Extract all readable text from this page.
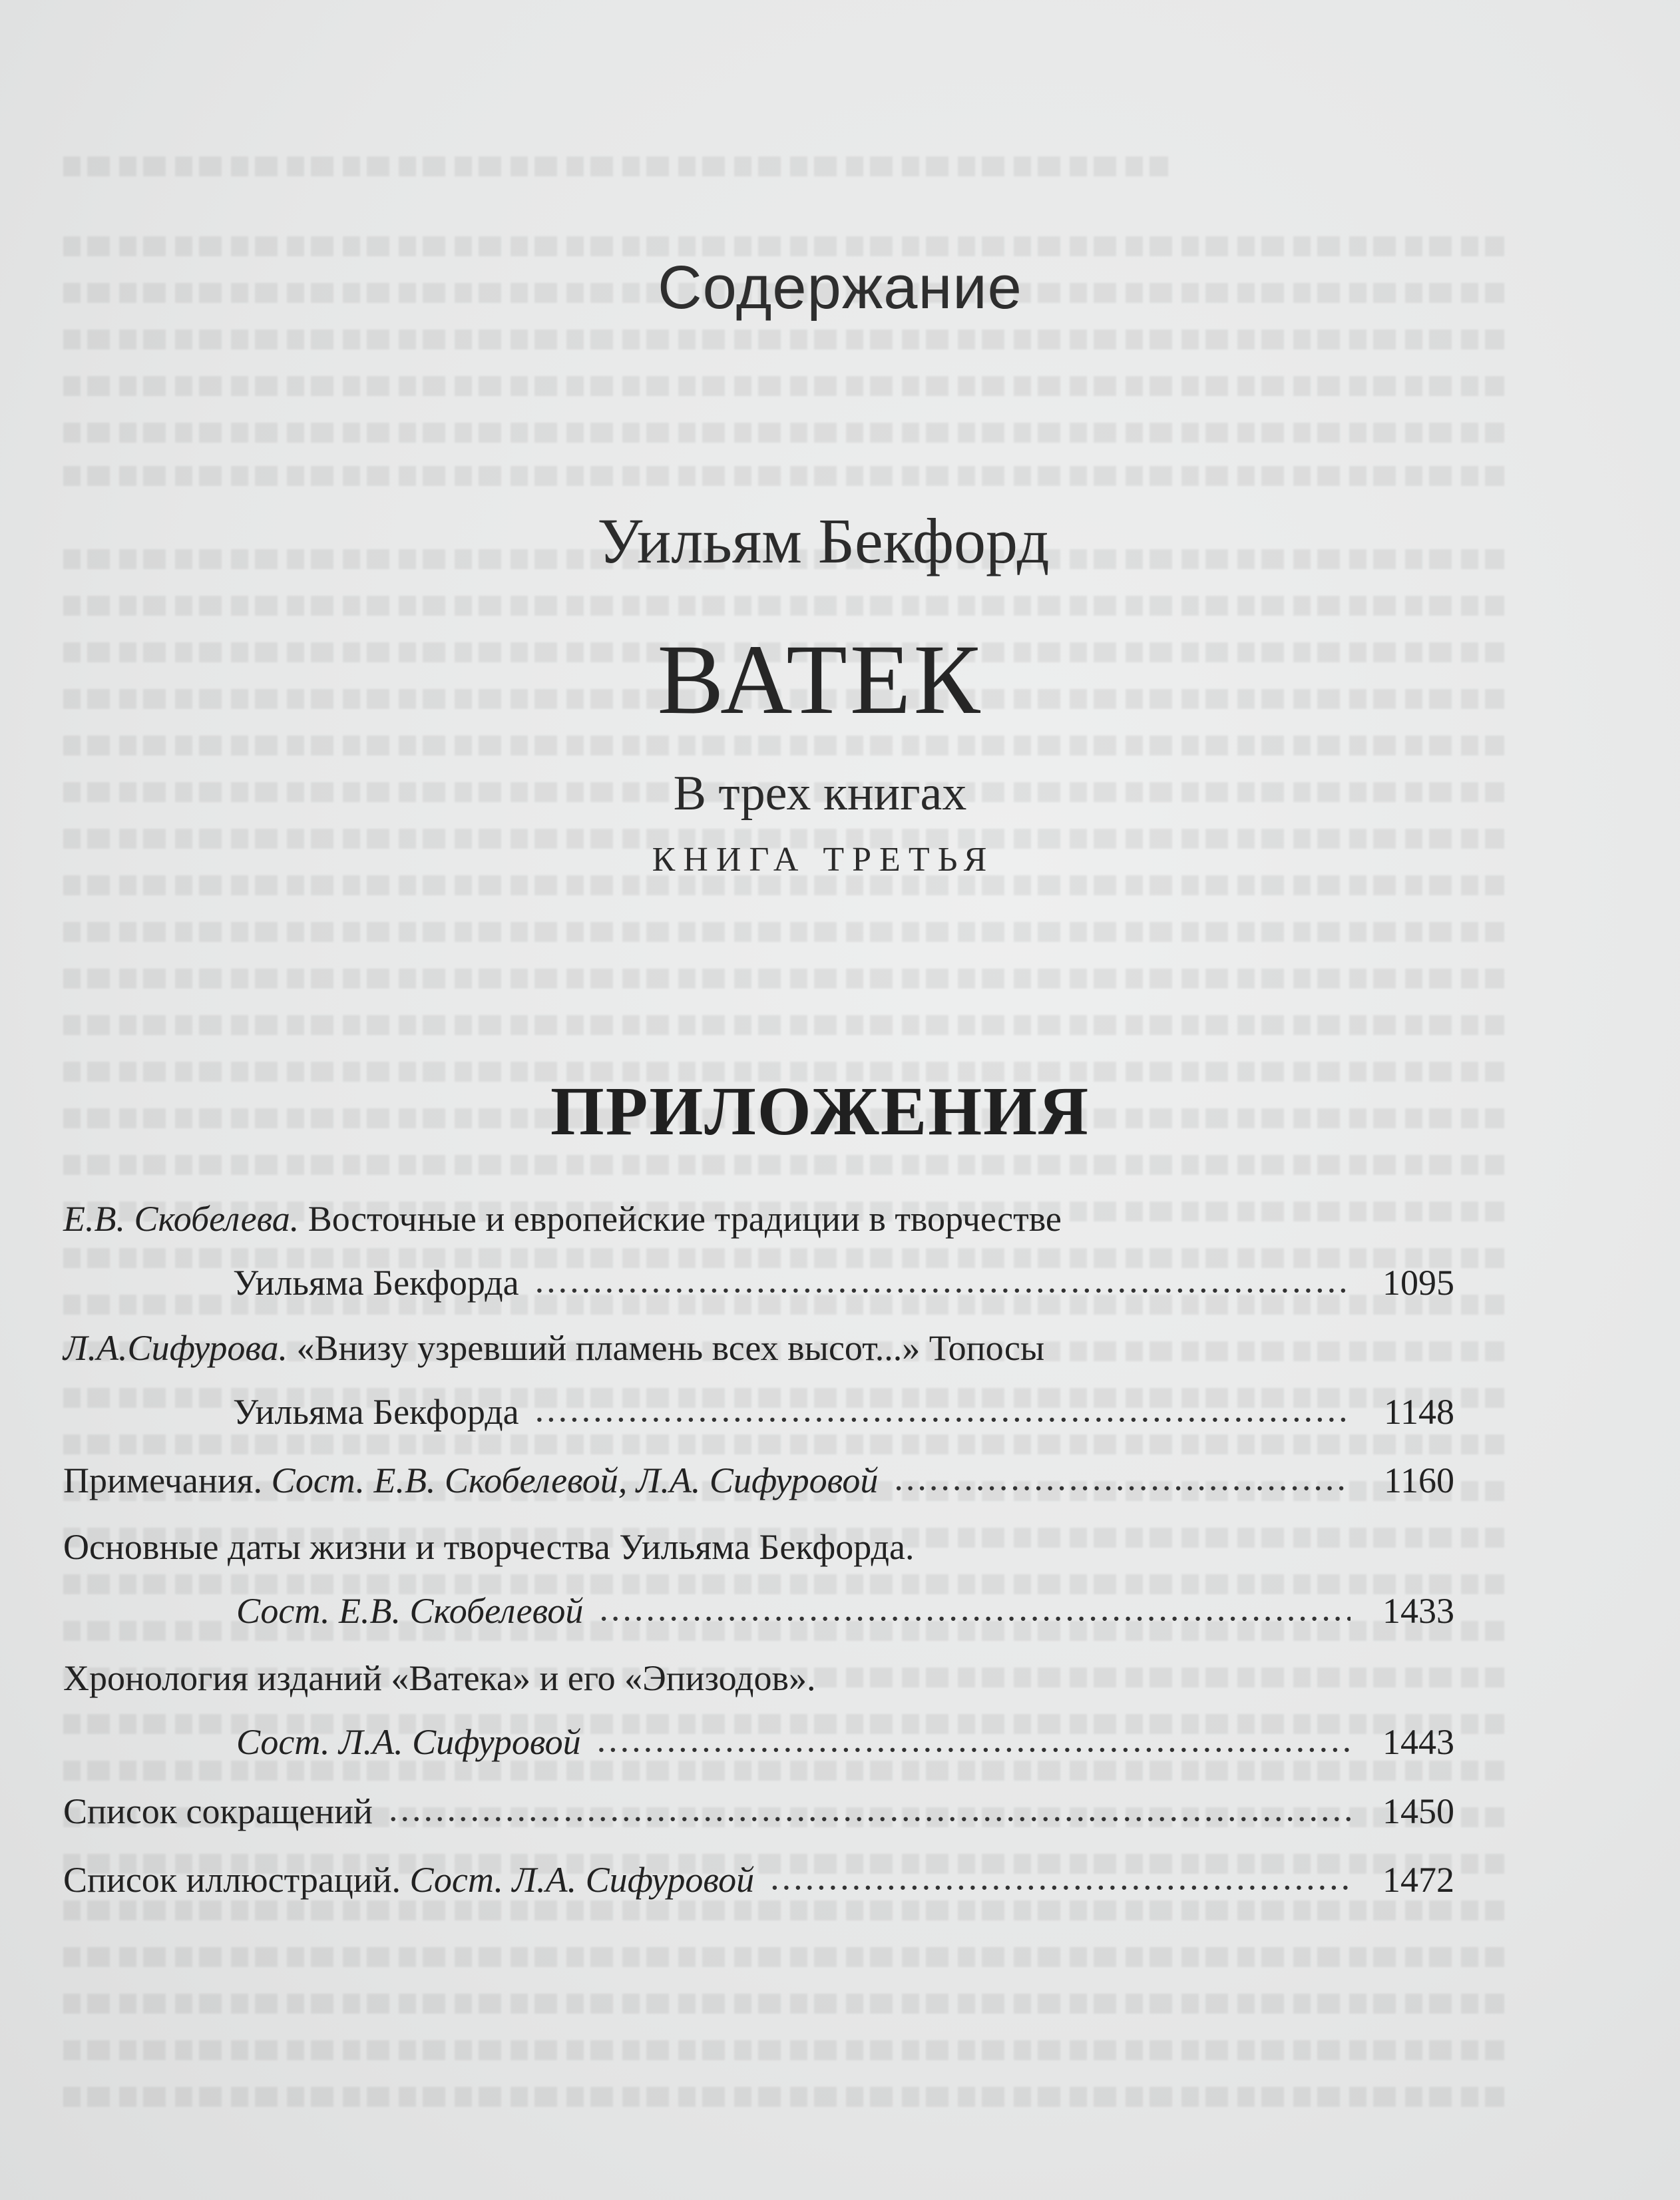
Содержание
Уильям Бекфорд
ВАТЕК
В трех книгах
КНИГА ТРЕТЬЯ
ПРИЛОЖЕНИЯ
Е.В. Скобелева.
Восточные и европейские традиции в творчестве
Уильяма Бекфорда .....	1095
Л.А.Сифурова.
«Внизу узревший пламень всех высот...» Топосы
Уильяма Бекфорда .....	1148
Примечания.
Сост. Е.В. Скобелевой, Л.А. Сифуровой .....	1160
Основные даты жизни и творчества Уильяма Бекфорда.
Сост. Е.В. Скобелевой .....	1433
Хронология изданий «Ватека» и его «Эпизодов».
Сост. Л.А. Сифуровой .....	1443
Список сокращений .....	1450
Список иллюстраций.
Сост. Л.А. Сифуровой .....	1472
